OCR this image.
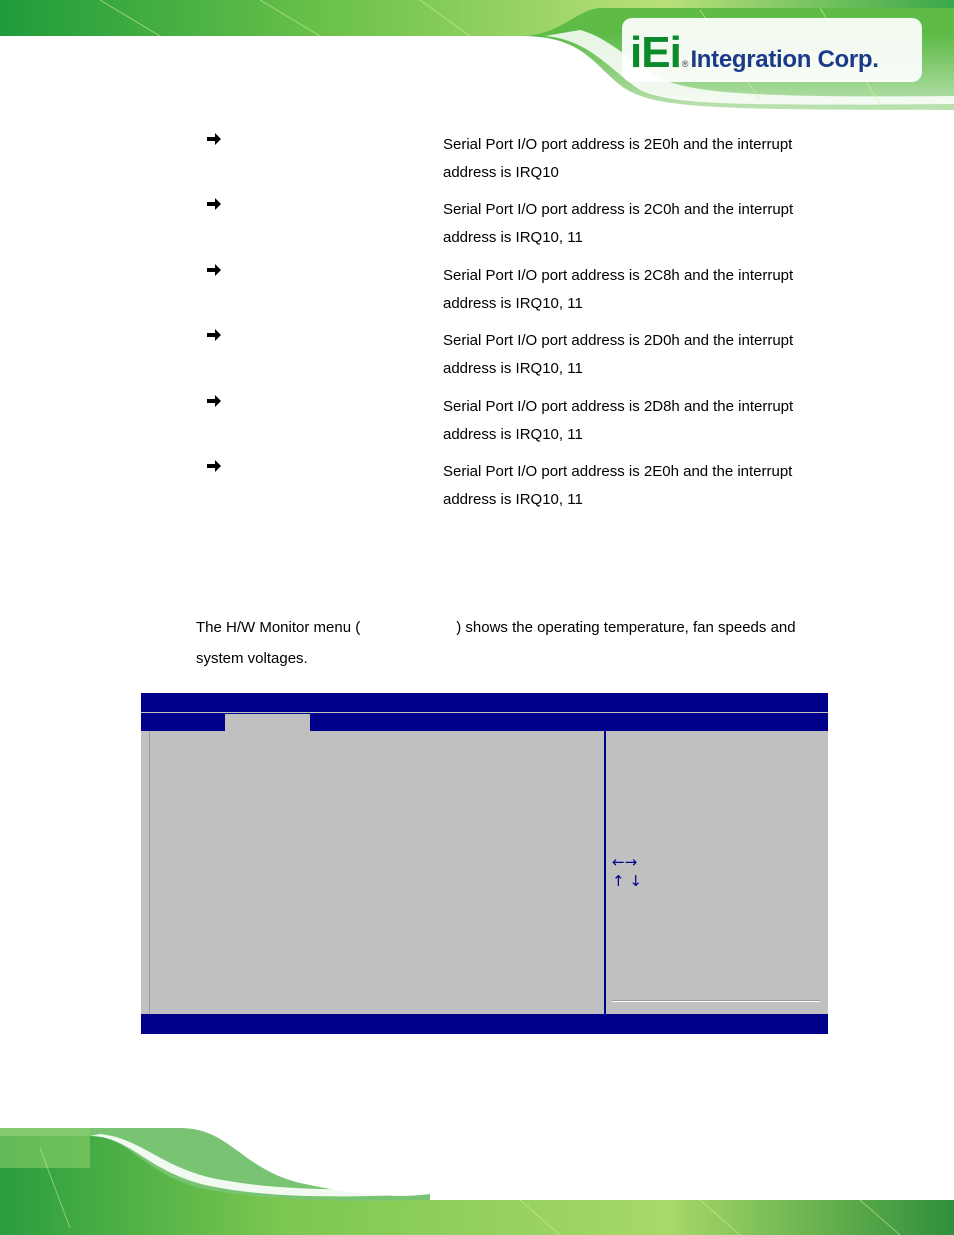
iEi ® Integration Corp.
Serial Port I/O port address is 2E0h and the interrupt
address is IRQ10
Serial Port I/O port address is 2C0h and the interrupt
address is IRQ10, 11
Serial Port I/O port address is 2C8h and the interrupt
address is IRQ10, 11
Serial Port I/O port address is 2D0h and the interrupt
address is IRQ10, 11
Serial Port I/O port address is 2D8h and the interrupt
address is IRQ10, 11
Serial Port I/O port address is 2E0h and the interrupt
address is IRQ10, 11
The H/W Monitor menu (	) shows the operating temperature, fan speeds and
system voltages.
←→
↑ ↓
